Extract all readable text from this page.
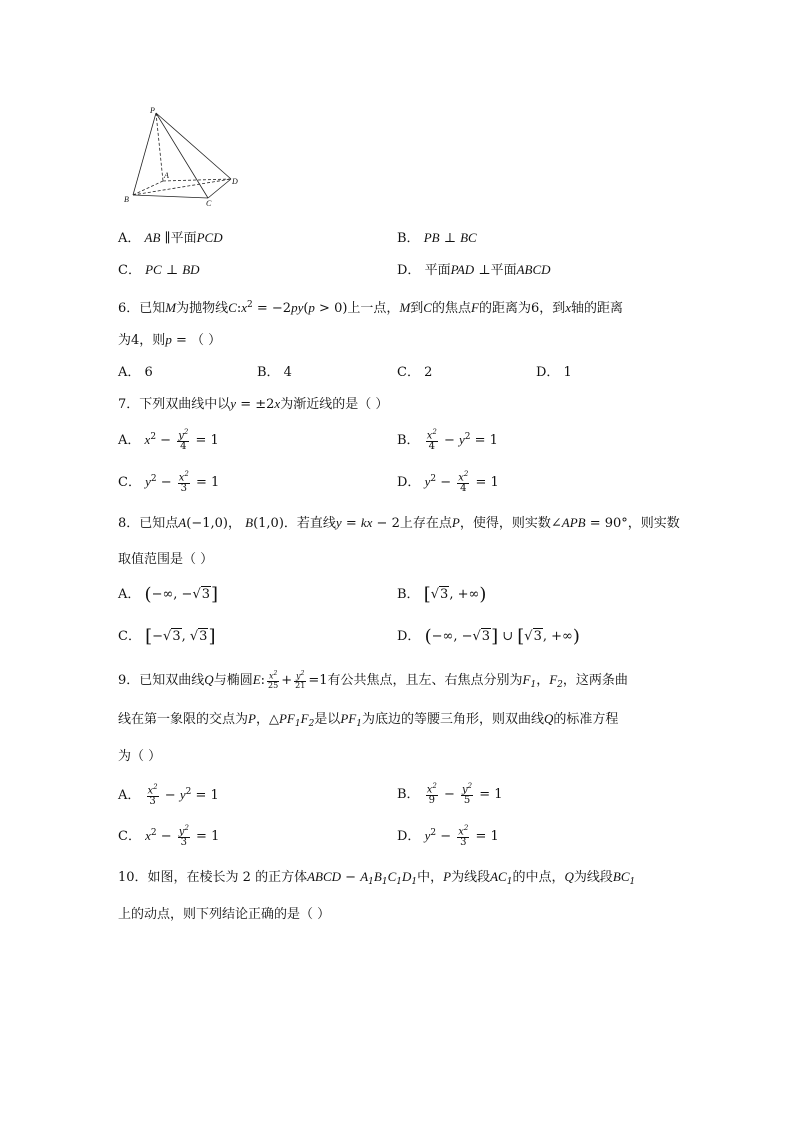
P
A
B	C
D
A． AB ∥平面PCD	B． PB ⊥ BC
C． PC ⊥ BD	D． 平面PAD ⊥平面ABCD
6．已知M为抛物线$C:x^2 = -2py(p > 0)$上一点，M到C的焦点F的距离为6，到x轴的距离
为4，则p = （ ）
A． 6	B． 4	C． 2	D． 1
7．下列双曲线中以y = ±2x为渐近线的是（ ）
A． $x^2 - \frac{y^2}{4} = 1$	B． $\frac{x^2}{4} - y^2 = 1$
C． $y^2 - \frac{x^2}{3} = 1$	D． $y^2 - \frac{x^2}{4} = 1$
8．已知点A(−1,0)， B(1,0)．若直线y = kx − 2上存在点P，使得，则实数∠APB = 90°，则实数
取值范围是（ ）
A． (−∞, −√3]	B． [√3, +∞)
C． [−√3, √3]	D． (−∞, −√3] ∪ [√3, +∞)
9．已知双曲线Q与椭圆E: $\frac{x^2}{25} + \frac{y^2}{21} =1$有公共焦点，且左、右焦点分别为$F_1$，$F_2$，这两条曲
线在第一象限的交点为P，$\triangle PF_1F_2$是以$PF_1$为底边的等腰三角形，则双曲线Q的标准方程
为（ ）
A． $\frac{x^2}{3} - y^2 = 1$	B． $\frac{x^2}{9} - \frac{y^2}{5} = 1$
C． $x^2 - \frac{y^2}{3} = 1$	D． $y^2 - \frac{x^2}{3} = 1$
10．如图，在棱长为 2 的正方体ABCD − $A_1B_1C_1D_1$中，P为线段$AC_1$的中点，Q为线段$BC_1$
上的动点，则下列结论正确的是（ ）
